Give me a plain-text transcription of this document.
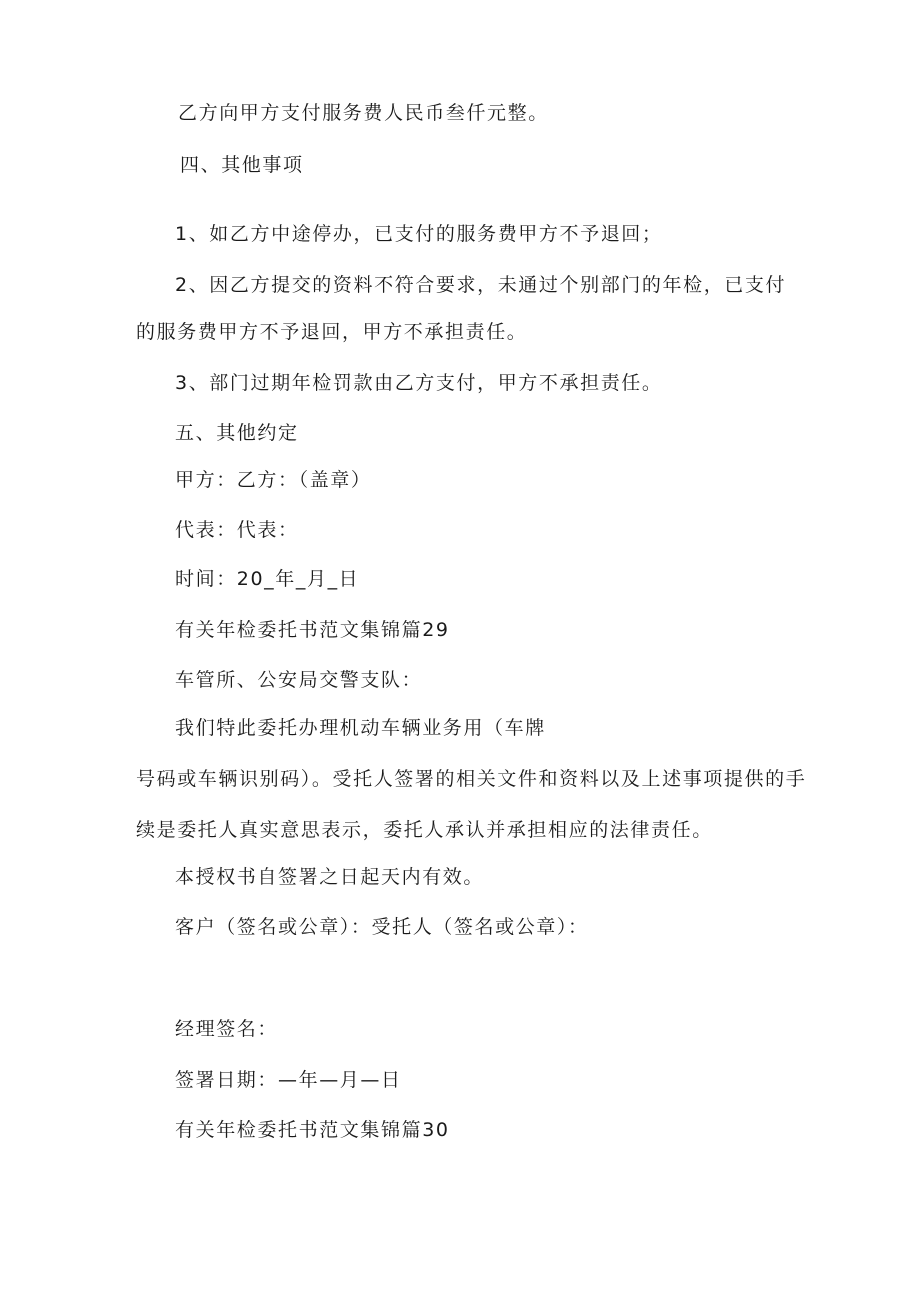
乙方向甲方支付服务费人民币叁仟元整。
四、其他事项
1、如乙方中途停办，已支付的服务费甲方不予退回；
2、因乙方提交的资料不符合要求，未通过个别部门的年检，已支付
的服务费甲方不予退回，甲方不承担责任。
3、部门过期年检罚款由乙方支付，甲方不承担责任。
五、其他约定
甲方：乙方：（盖章）
代表：代表：
时间：20_年_月_日
有关年检委托书范文集锦篇29
车管所、公安局交警支队：
我们特此委托办理机动车辆业务用（车牌
号码或车辆识别码）。受托人签署的相关文件和资料以及上述事项提供的手
续是委托人真实意思表示，委托人承认并承担相应的法律责任。
本授权书自签署之日起天内有效。
客户（签名或公章）：受托人（签名或公章）：
经理签名：
签署日期：—年—月—日
有关年检委托书范文集锦篇30
